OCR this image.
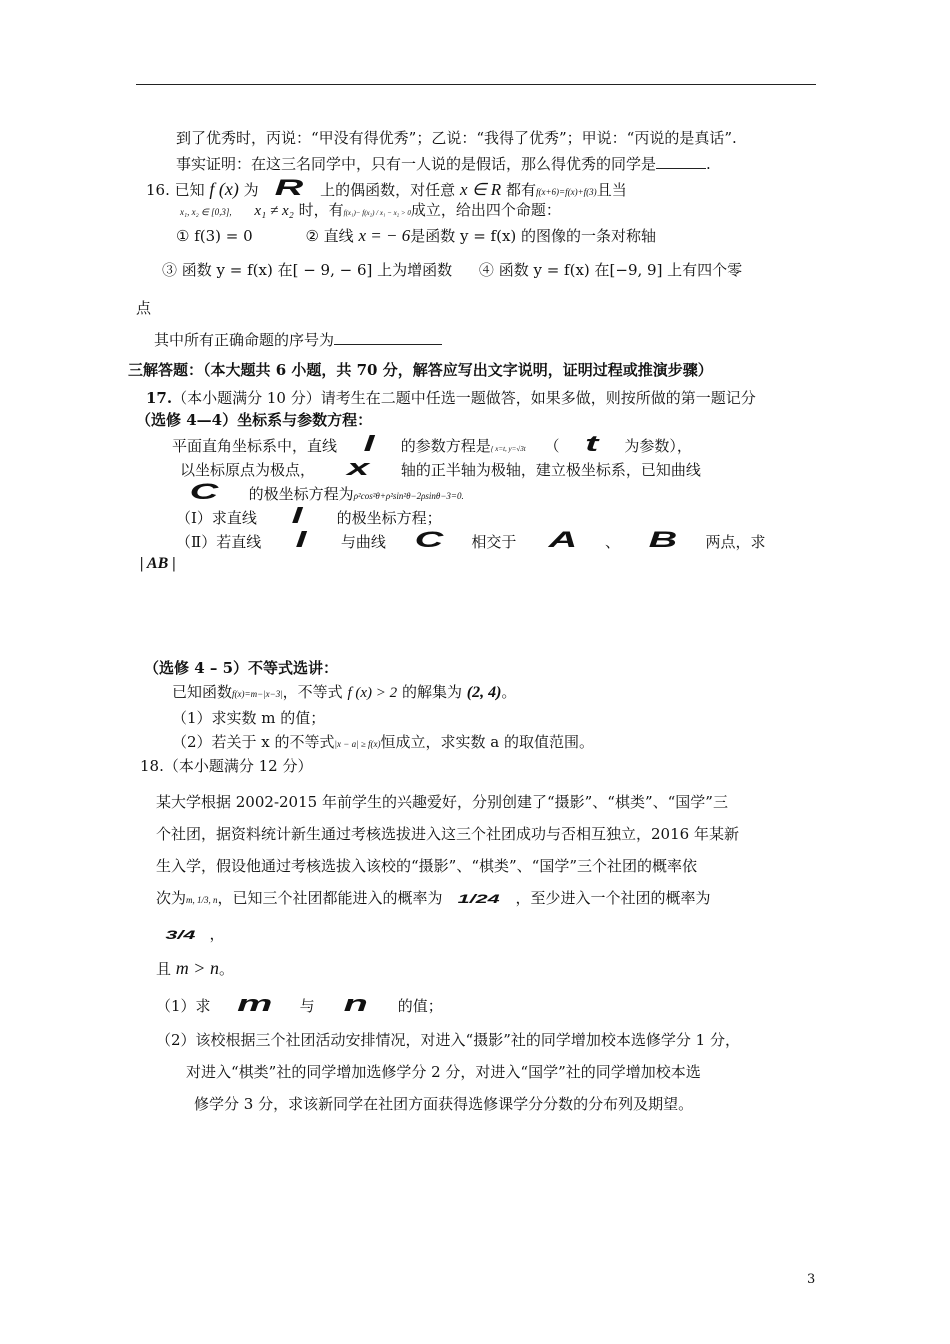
到了优秀时，丙说：“甲没有得优秀”；乙说：“我得了优秀”；甲说：“丙说的是真话”.
事实证明：在这三名同学中，只有一人说的是假话，那么得优秀的同学是	.
16. 已知 f (x) 为 R 上的偶函数，对任意 x ∈ R 都有f(x+6)=f(x)+f(3)且当
x₁, x₂ ∈ [0,3], x₁ ≠ x₂ 时，有f(x₁)− f(x₂) / x₁ − x₂ > 0成立，给出四个命题：
① f(3) = 0	② 直线 x = − 6是函数 y = f(x) 的图像的一条对称轴
③ 函数 y = f(x) 在[ − 9, − 6] 上为增函数 ④ 函数 y = f(x) 在[−9, 9] 上有四个零
点
其中所有正确命题的序号为
三解答题：（本大题共 6 小题，共 70 分，解答应写出文字说明，证明过程或推演步骤）
17.（本小题满分 10 分）请考生在二题中任选一题做答，如果多做，则按所做的第一题记分
（选修 4—4）坐标系与参数方程：
平面直角坐标系中，直线 l 的参数方程是{ x=t, y=√3t （ t 为参数），
以坐标原点为极点， x 轴的正半轴为极轴，建立极坐标系，已知曲线
C 的极坐标方程为ρ²cos²θ+ρ²sin²θ−2ρsinθ−3=0.
（Ⅰ）求直线 l 的极坐标方程；
（Ⅱ）若直线 l 与曲线 C 相交于 A 、 B 两点，求
| AB |
（选修 4 – 5）不等式选讲：
已知函数f(x)=m−|x−3|，不等式 f (x) > 2 的解集为 (2, 4)。
（1）求实数 m 的值；
（2）若关于 x 的不等式|x − a| ≥ f(x)恒成立，求实数 a 的取值范围。
18.（本小题满分 12 分）
某大学根据 2002-2015 年前学生的兴趣爱好，分别创建了“摄影”、“棋类”、“国学”三
个社团，据资料统计新生通过考核选拔进入这三个社团成功与否相互独立，2016 年某新
生入学，假设他通过考核选拔入该校的“摄影”、“棋类”、“国学”三个社团的概率依
次为m, 1/3, n，已知三个社团都能进入的概率为 1/24 ，至少进入一个社团的概率为
3/4 ，
且 m > n。
（1）求 m 与 n 的值；
（2）该校根据三个社团活动安排情况，对进入“摄影”社的同学增加校本选修学分 1 分，
对进入“棋类”社的同学增加选修学分 2 分，对进入“国学”社的同学增加校本选
修学分 3 分，求该新同学在社团方面获得选修课学分分数的分布列及期望。
3
